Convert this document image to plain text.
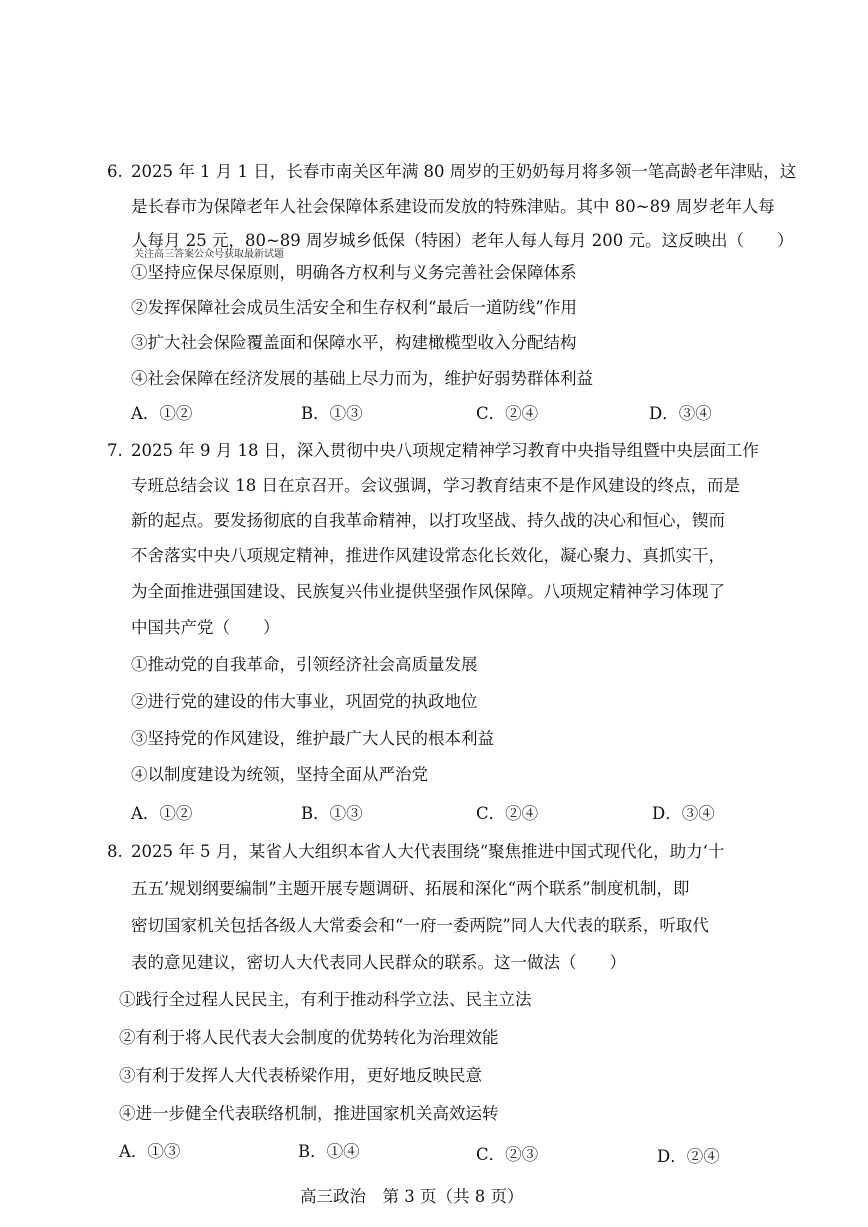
6. 2025 年 1 月 1 日，长春市南关区年满 80 周岁的王奶奶每月将多领一笔高龄老年津贴，这
是长春市为保障老年人社会保障体系建设而发放的特殊津贴。其中 80~89 周岁老年人每
人每月 25 元，80~89 周岁城乡低保（特困）老年人每人每月 200 元。这反映出（　　）
关注高三答案公众号获取最新试题
①坚持应保尽保原则，明确各方权利与义务完善社会保障体系
②发挥保障社会成员生活安全和生存权利“最后一道防线”作用
③扩大社会保险覆盖面和保障水平，构建橄榄型收入分配结构
④社会保障在经济发展的基础上尽力而为，维护好弱势群体利益
A．①②	B．①③	C．②④	D．③④
7. 2025 年 9 月 18 日，深入贯彻中央八项规定精神学习教育中央指导组暨中央层面工作
专班总结会议 18 日在京召开。会议强调，学习教育结束不是作风建设的终点，而是
新的起点。要发扬彻底的自我革命精神，以打攻坚战、持久战的决心和恒心，锲而
不舍落实中央八项规定精神，推进作风建设常态化长效化，凝心聚力、真抓实干，
为全面推进强国建设、民族复兴伟业提供坚强作风保障。八项规定精神学习体现了
中国共产党（　　）
①推动党的自我革命，引领经济社会高质量发展
②进行党的建设的伟大事业，巩固党的执政地位
③坚持党的作风建设，维护最广大人民的根本利益
④以制度建设为统领，坚持全面从严治党
A．①②	B．①③	C．②④	D．③④
8. 2025 年 5 月，某省人大组织本省人大代表围绕“聚焦推进中国式现代化，助力‘十
五五’规划纲要编制”主题开展专题调研、拓展和深化“两个联系”制度机制，即
密切国家机关包括各级人大常委会和“一府一委两院”同人大代表的联系，听取代
表的意见建议，密切人大代表同人民群众的联系。这一做法（　　）
①践行全过程人民民主，有利于推动科学立法、民主立法
②有利于将人民代表大会制度的优势转化为治理效能
③有利于发挥人大代表桥梁作用，更好地反映民意
④进一步健全代表联络机制，推进国家机关高效运转
A．①③	B．①④	C．②③	D．②④
高三政治　第 3 页（共 8 页）
